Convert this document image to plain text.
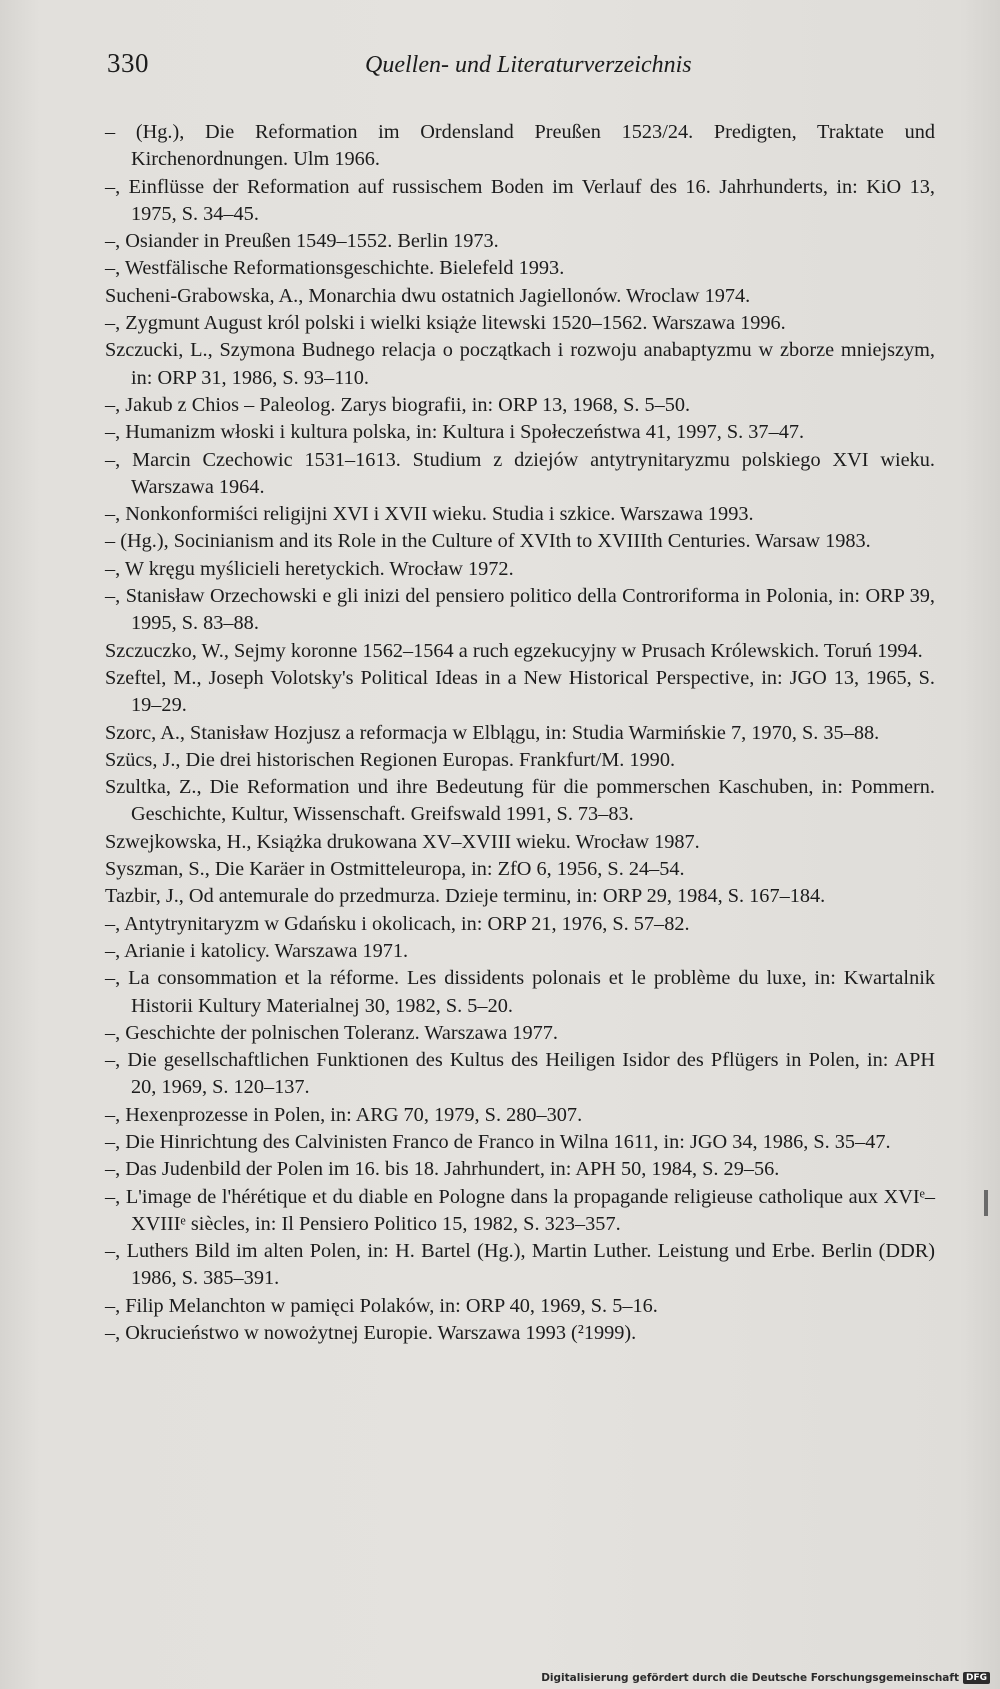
330	Quellen- und Literaturverzeichnis
– (Hg.), Die Reformation im Ordensland Preußen 1523/24. Predigten, Traktate und Kirchenordnungen. Ulm 1966.
–, Einflüsse der Reformation auf russischem Boden im Verlauf des 16. Jahrhunderts, in: KiO 13, 1975, S. 34–45.
–, Osiander in Preußen 1549–1552. Berlin 1973.
–, Westfälische Reformationsgeschichte. Bielefeld 1993.
Sucheni-Grabowska, A., Monarchia dwu ostatnich Jagiellonów. Wroclaw 1974.
–, Zygmunt August król polski i wielki książe litewski 1520–1562. Warszawa 1996.
Szczucki, L., Szymona Budnego relacja o początkach i rozwoju anabaptyzmu w zborze mniejszym, in: ORP 31, 1986, S. 93–110.
–, Jakub z Chios – Paleolog. Zarys biografii, in: ORP 13, 1968, S. 5–50.
–, Humanizm włoski i kultura polska, in: Kultura i Społeczeństwa 41, 1997, S. 37–47.
–, Marcin Czechowic 1531–1613. Studium z dziejów antytrynitaryzmu polskiego XVI wieku. Warszawa 1964.
–, Nonkonformiści religijni XVI i XVII wieku. Studia i szkice. Warszawa 1993.
– (Hg.), Socinianism and its Role in the Culture of XVIth to XVIIIth Centuries. Warsaw 1983.
–, W kręgu myślicieli heretyckich. Wrocław 1972.
–, Stanisław Orzechowski e gli inizi del pensiero politico della Controriforma in Polonia, in: ORP 39, 1995, S. 83–88.
Szczuczko, W., Sejmy koronne 1562–1564 a ruch egzekucyjny w Prusach Królewskich. Toruń 1994.
Szeftel, M., Joseph Volotsky's Political Ideas in a New Historical Perspective, in: JGO 13, 1965, S. 19–29.
Szorc, A., Stanisław Hozjusz a reformacja w Elblągu, in: Studia Warmińskie 7, 1970, S. 35–88.
Szücs, J., Die drei historischen Regionen Europas. Frankfurt/M. 1990.
Szultka, Z., Die Reformation und ihre Bedeutung für die pommerschen Kaschuben, in: Pommern. Geschichte, Kultur, Wissenschaft. Greifswald 1991, S. 73–83.
Szwejkowska, H., Książka drukowana XV–XVIII wieku. Wrocław 1987.
Syszman, S., Die Karäer in Ostmitteleuropa, in: ZfO 6, 1956, S. 24–54.
Tazbir, J., Od antemurale do przedmurza. Dzieje terminu, in: ORP 29, 1984, S. 167–184.
–, Antytrynitaryzm w Gdańsku i okolicach, in: ORP 21, 1976, S. 57–82.
–, Arianie i katolicy. Warszawa 1971.
–, La consommation et la réforme. Les dissidents polonais et le problème du luxe, in: Kwartalnik Historii Kultury Materialnej 30, 1982, S. 5–20.
–, Geschichte der polnischen Toleranz. Warszawa 1977.
–, Die gesellschaftlichen Funktionen des Kultus des Heiligen Isidor des Pflügers in Polen, in: APH 20, 1969, S. 120–137.
–, Hexenprozesse in Polen, in: ARG 70, 1979, S. 280–307.
–, Die Hinrichtung des Calvinisten Franco de Franco in Wilna 1611, in: JGO 34, 1986, S. 35–47.
–, Das Judenbild der Polen im 16. bis 18. Jahrhundert, in: APH 50, 1984, S. 29–56.
–, L'image de l'hérétique et du diable en Pologne dans la propagande religieuse catholique aux XVIᵉ–XVIIIᵉ siècles, in: Il Pensiero Politico 15, 1982, S. 323–357.
–, Luthers Bild im alten Polen, in: H. Bartel (Hg.), Martin Luther. Leistung und Erbe. Berlin (DDR) 1986, S. 385–391.
–, Filip Melanchton w pamięci Polaków, in: ORP 40, 1969, S. 5–16.
–, Okrucieństwo w nowożytnej Europie. Warszawa 1993 (²1999).
Digitalisierung gefördert durch die Deutsche Forschungsgemeinschaft DFG
